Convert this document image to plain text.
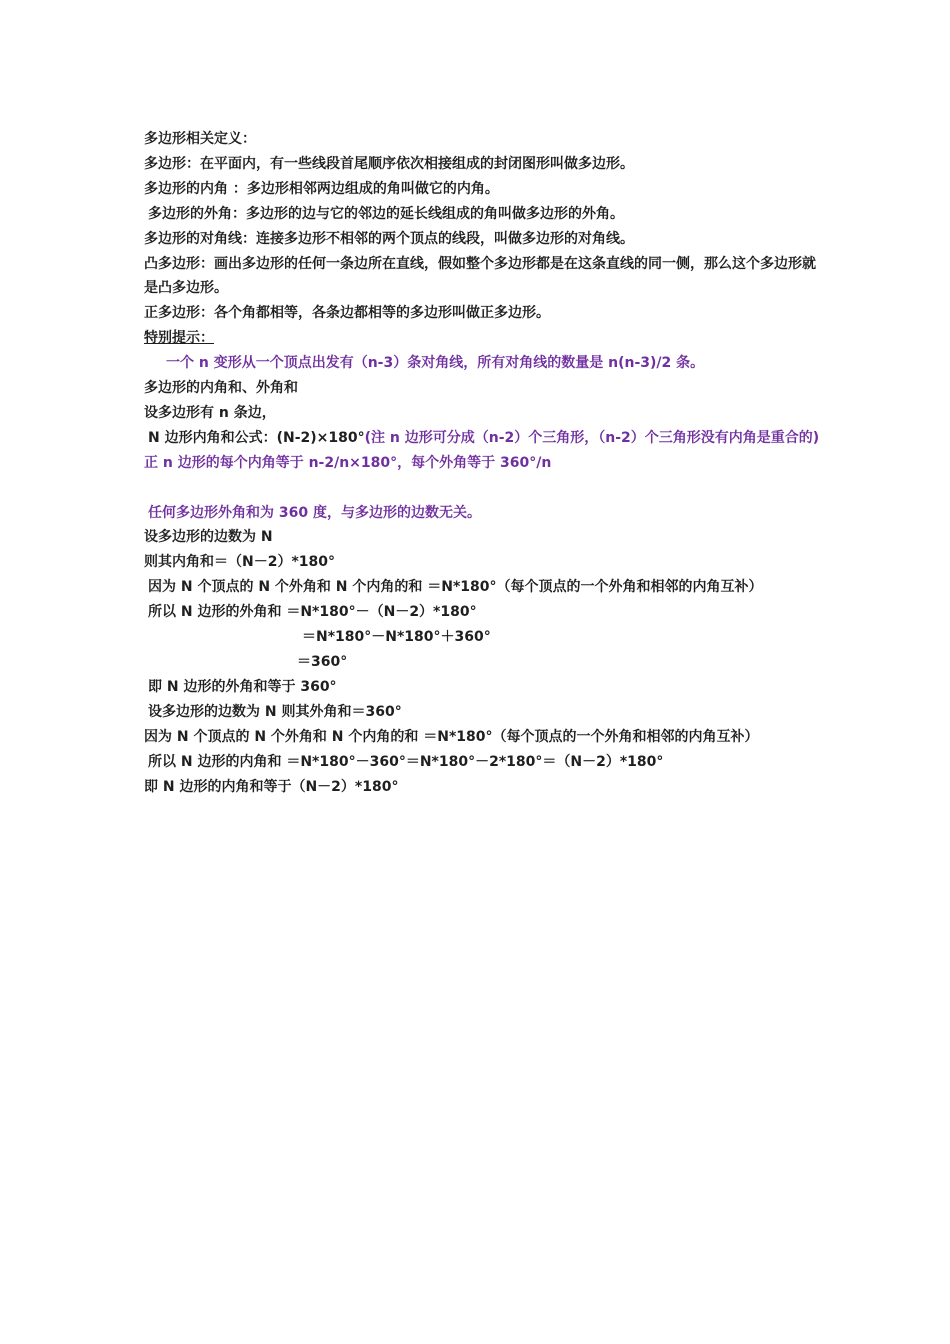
多边形相关定义：
多边形：在平面内，有一些线段首尾顺序依次相接组成的封闭图形叫做多边形。
多边形的内角 ：多边形相邻两边组成的角叫做它的内角。
多边形的外角：多边形的边与它的邻边的延长线组成的角叫做多边形的外角。
多边形的对角线：连接多边形不相邻的两个顶点的线段，叫做多边形的对角线。
凸多边形：画出多边形的任何一条边所在直线，假如整个多边形都是在这条直线的同一侧，那么这个多边形就是凸多边形。
正多边形：各个角都相等，各条边都相等的多边形叫做正多边形。
特别提示：
一个 n 变形从一个顶点出发有（n-3）条对角线，所有对角线的数量是 n(n-3)/2 条。
多边形的内角和、外角和
设多边形有 n 条边，
N 边形内角和公式：(N-2)×180°(注 n 边形可分成（n-2）个三角形，（n-2）个三角形没有内角是重合的)
正 n 边形的每个内角等于 n-2/n×180°，每个外角等于 360°/n
任何多边形外角和为 360 度，与多边形的边数无关。
设多边形的边数为 N
则其内角和＝（N－2）*180°
因为 N 个顶点的 N 个外角和 N 个内角的和 ＝N*180°（每个顶点的一个外角和相邻的内角互补）
所以 N 边形的外角和 ＝N*180°－（N－2）*180°
＝N*180°－N*180°＋360°
＝360°
即 N 边形的外角和等于 360°
设多边形的边数为 N 则其外角和＝360°
因为 N 个顶点的 N 个外角和 N 个内角的和 ＝N*180°（每个顶点的一个外角和相邻的内角互补）
所以 N 边形的内角和 ＝N*180°－360°＝N*180°－2*180°＝（N－2）*180°
即 N 边形的内角和等于（N－2）*180°
